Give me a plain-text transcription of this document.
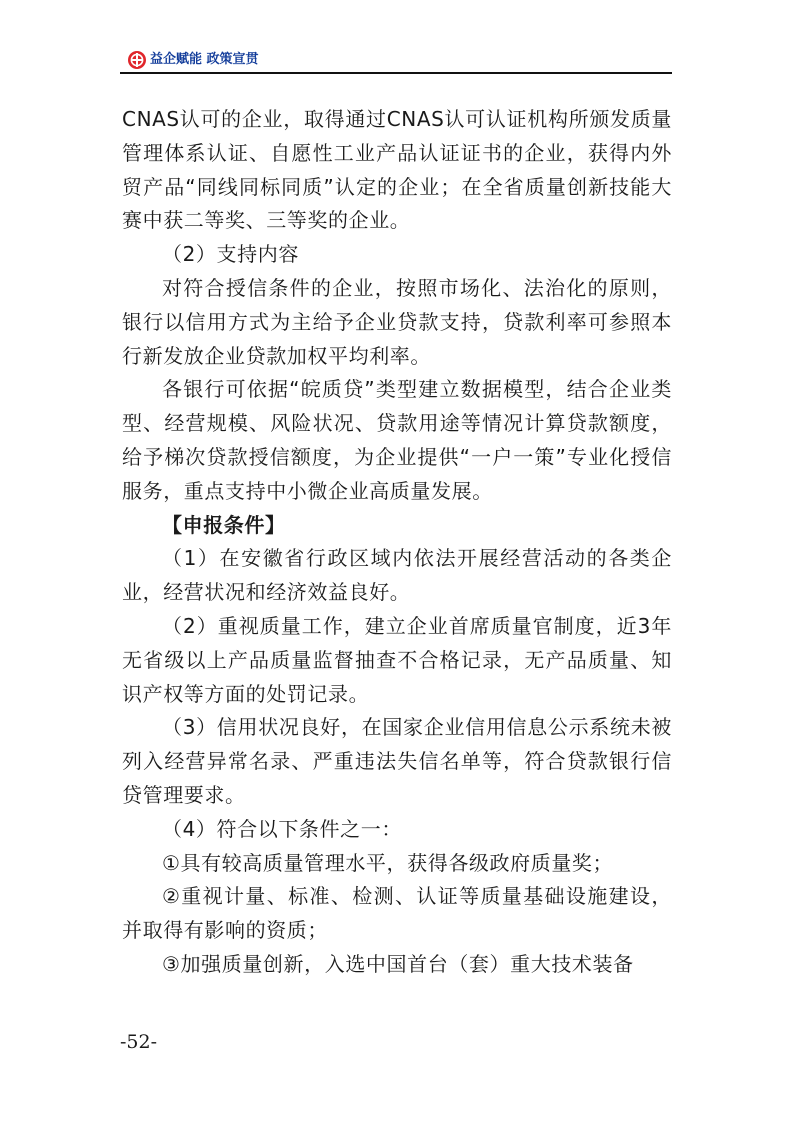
益企赋能 政策宣贯

CNAS认可的企业，取得通过CNAS认可认证机构所颁发质量管理体系认证、自愿性工业产品认证证书的企业，获得内外贸产品“同线同标同质”认定的企业；在全省质量创新技能大赛中获二等奖、三等奖的企业。

（2）支持内容

对符合授信条件的企业，按照市场化、法治化的原则，银行以信用方式为主给予企业贷款支持，贷款利率可参照本行新发放企业贷款加权平均利率。

各银行可依据“皖质贷”类型建立数据模型，结合企业类型、经营规模、风险状况、贷款用途等情况计算贷款额度，给予梯次贷款授信额度，为企业提供“一户一策”专业化授信服务，重点支持中小微企业高质量发展。

【申报条件】

（1）在安徽省行政区域内依法开展经营活动的各类企业，经营状况和经济效益良好。

（2）重视质量工作，建立企业首席质量官制度，近3年无省级以上产品质量监督抽查不合格记录，无产品质量、知识产权等方面的处罚记录。

（3）信用状况良好，在国家企业信用信息公示系统未被列入经营异常名录、严重违法失信名单等，符合贷款银行信贷管理要求。

（4）符合以下条件之一：

①具有较高质量管理水平，获得各级政府质量奖；

②重视计量、标准、检测、认证等质量基础设施建设，并取得有影响的资质；

③加强质量创新，入选中国首台（套）重大技术装备

-52-
